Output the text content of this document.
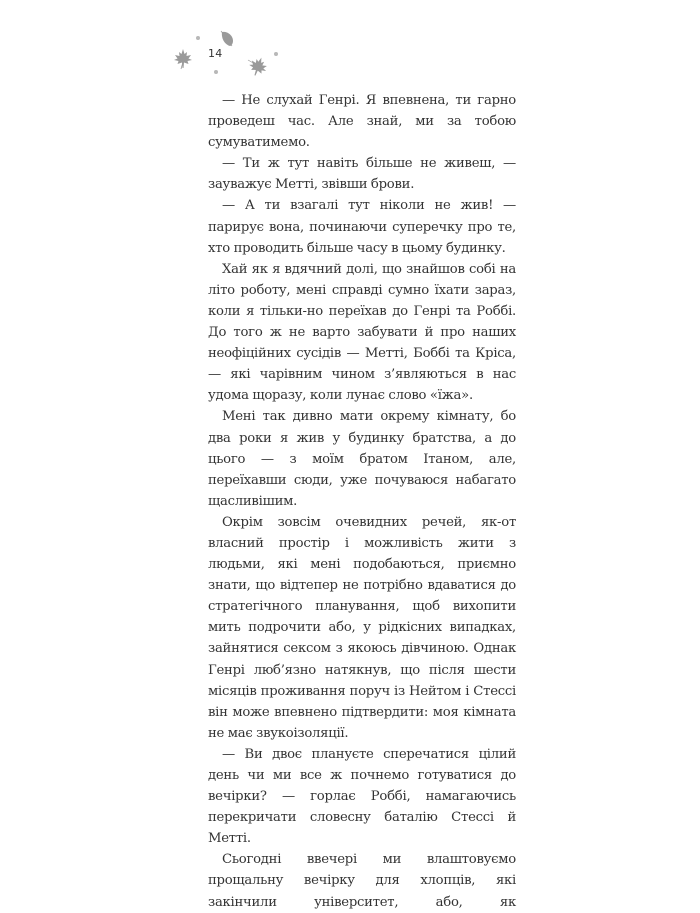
14

— Не слухай Генрі. Я впевнена, ти гарно проведеш час. Але знай, ми за тобою сумуватимемо.

— Ти ж тут навіть більше не живеш, — зауважує Метті, звівши брови.

— А ти взагалі тут ніколи не жив! — парирує вона, починаючи суперечку про те, хто проводить більше часу в цьому будинку.

Хай як я вдячний долі, що знайшов собі на літо роботу, мені справді сумно їхати зараз, коли я тільки-но переїхав до Генрі та Роббі. До того ж не варто забувати й про наших неофіційних сусідів — Метті, Боббі та Кріса, — які чарівним чином з’являються в нас удома щоразу, коли лунає слово «їжа».

Мені так дивно мати окрему кімнату, бо два роки я жив у будинку братства, а до цього — з моїм братом Ітаном, але, переїхавши сюди, уже почуваюся набагато щасливішим.

Окрім зовсім очевидних речей, як-от власний простір і можливість жити з людьми, які мені подобаються, приємно знати, що відтепер не потрібно вдаватися до стратегічного планування, щоб вихопити мить подрочити або, у рідкісних випадках, зайнятися сексом з якоюсь дівчиною. Однак Генрі люб’язно натякнув, що після шести місяців проживання поруч із Нейтом і Стессі він може впевнено підтвердити: моя кімната не має звукоізоляції.

— Ви двоє плануєте сперечатися цілий день чи ми все ж почнемо готуватися до вечірки? — горлає Роббі, намагаючись перекричати словесну баталію Стессі й Метті.

Сьогодні ввечері ми влаштовуємо прощальну вечірку для хлопців, які закінчили університет, або, як
